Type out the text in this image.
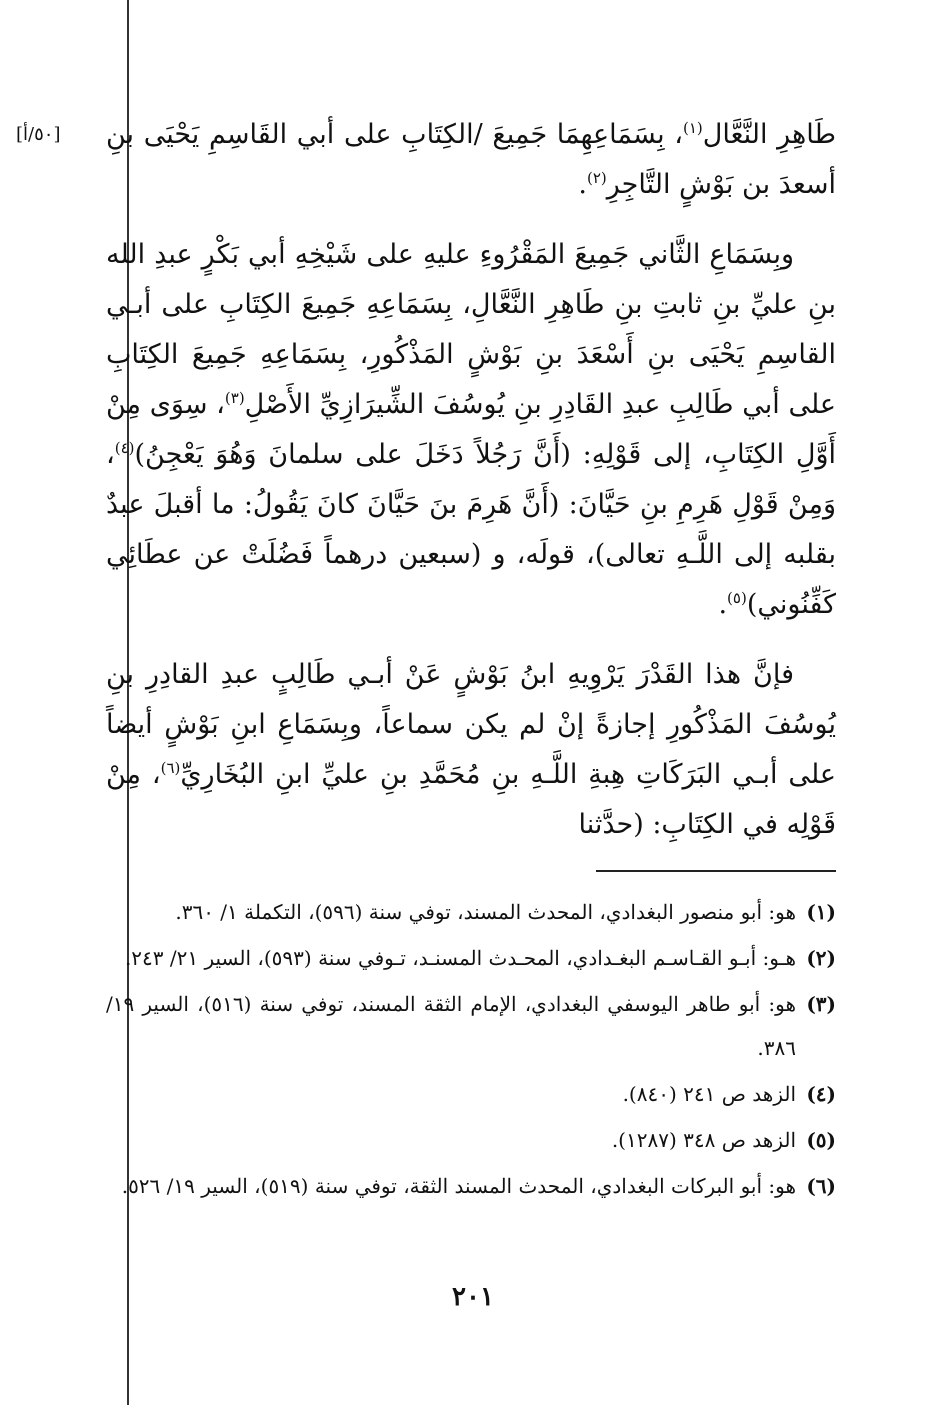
[٥٠/أ]	طَاهِرِ النَّعَّال$^{(١)}$، بِسَمَاعِهِمَا جَمِيعَ /الكِتَابِ على أبي القَاسِمِ يَحْيَى بنِ أسعدَ بن بَوْشٍ التَّاجِرِ$^{(٢)}$.

وبِسَمَاعِ الثَّاني جَمِيعَ المَقْرُوءِ عليهِ على شَيْخِهِ أبي بَكْرٍ عبدِ الله بنِ عليِّ بنِ ثابتِ بنِ طَاهِرِ النَّعَّالِ، بِسَمَاعِهِ جَمِيعَ الكِتَابِ على أبـي القاسِمِ يَحْيَى بنِ أَسْعَدَ بنِ بَوْشٍ المَذْكُورِ، بِسَمَاعِهِ جَمِيعَ الكِتَابِ على أبي طَالِبِ عبدِ القَادِرِ بنِ يُوسُفَ الشِّيرَازِيِّ الأَصْلِ$^{(٣)}$، سِوَى مِنْ أَوَّلِ الكِتَابِ، إلى قَوْلِهِ: (أَنَّ رَجُلاً دَخَلَ على سلمانَ وَهُوَ يَعْجِنُ)$^{(٤)}$، وَمِنْ قَوْلِ هَرِمِ بنِ حَيَّانَ: (أَنَّ هَرِمَ بنَ حَيَّانَ كانَ يَقُولُ: ما أقبلَ عبدٌ بقلبه إلى اللَّـهِ تعالى)، قولَه، و (سبعين درهماً فَضُلَتْ عن عطَائِي كَفِّنُوني)$^{(٥)}$.

فإنَّ هذا القَدْرَ يَرْوِيهِ ابنُ بَوْشٍ عَنْ أبـي طَالِبٍ عبدِ القادِرِ بنِ يُوسُفَ المَذْكُورِ إجازةً إنْ لم يكن سماعاً، وبِسَمَاعِ ابنِ بَوْشٍ أيضاً على أبـي البَرَكَاتِ هِبةِ اللَّـهِ بنِ مُحَمَّدِ بنِ عليِّ ابنِ البُخَارِيِّ$^{(٦)}$، مِنْ قَوْلِه في الكِتَابِ: (حدَّثنا

(١)
هو: أبو منصور البغدادي، المحدث المسند، توفي سنة (٥٩٦)، التكملة ١/ ٣٦٠.
(٢)
هـو: أبـو القـاسـم البغـدادي، المحـدث المسنـد، تـوفي سنة (٥٩٣)، السير ٢١/ ٢٤٣.
(٣)
هو: أبو طاهر اليوسفي البغدادي، الإمام الثقة المسند، توفي سنة (٥١٦)، السير ١٩/ ٣٨٦.
(٤)
الزهد ص ٢٤١ (٨٤٠).
(٥)
الزهد ص ٣٤٨ (١٢٨٧).
(٦)
هو: أبو البركات البغدادي، المحدث المسند الثقة، توفي سنة (٥١٩)، السير ١٩/ ٥٢٦.
٢٠١
